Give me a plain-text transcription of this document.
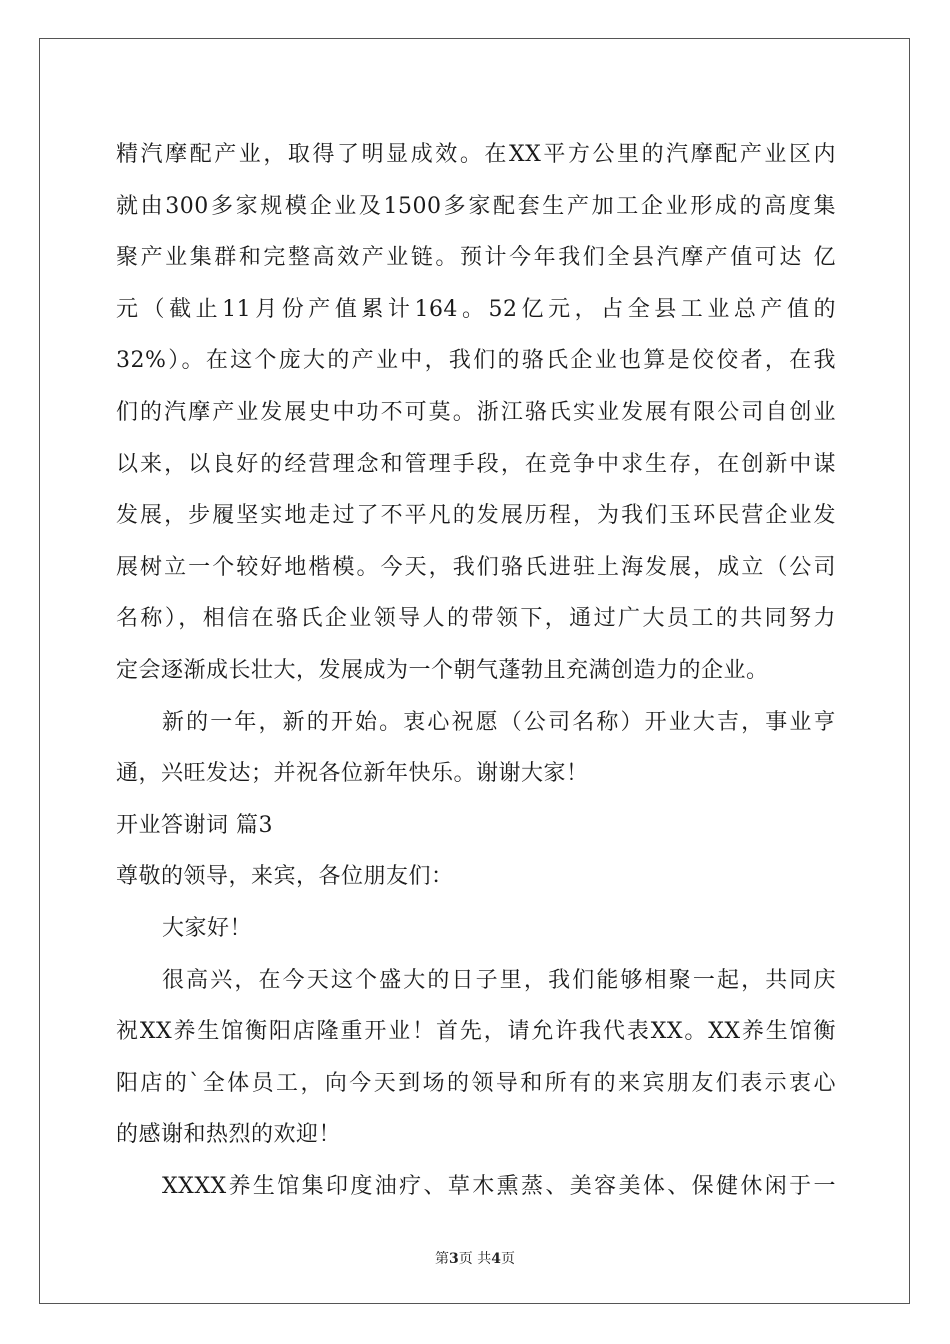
精汽摩配产业，取得了明显成效。在XX平方公里的汽摩配产业区内
就由300多家规模企业及1500多家配套生产加工企业形成的高度集
聚产业集群和完整高效产业链。预计今年我们全县汽摩产值可达 亿
元（截止11月份产值累计164。52亿元，占全县工业总产值的
32%）。在这个庞大的产业中，我们的骆氏企业也算是佼佼者，在我
们的汽摩产业发展史中功不可莫。浙江骆氏实业发展有限公司自创业
以来，以良好的经营理念和管理手段，在竞争中求生存，在创新中谋
发展，步履坚实地走过了不平凡的发展历程，为我们玉环民营企业发
展树立一个较好地楷模。今天，我们骆氏进驻上海发展，成立（公司
名称），相信在骆氏企业领导人的带领下，通过广大员工的共同努力
定会逐渐成长壮大，发展成为一个朝气蓬勃且充满创造力的企业。
新的一年，新的开始。衷心祝愿（公司名称）开业大吉，事业亨
通，兴旺发达；并祝各位新年快乐。谢谢大家！
开业答谢词 篇3
尊敬的领导，来宾，各位朋友们：
大家好！
很高兴，在今天这个盛大的日子里，我们能够相聚一起，共同庆
祝XX养生馆衡阳店隆重开业！首先，请允许我代表XX。XX养生馆衡
阳店的`全体员工，向今天到场的领导和所有的来宾朋友们表示衷心
的感谢和热烈的欢迎！
XXXX养生馆集印度油疗、草木熏蒸、美容美体、保健休闲于一
第3页 共4页
